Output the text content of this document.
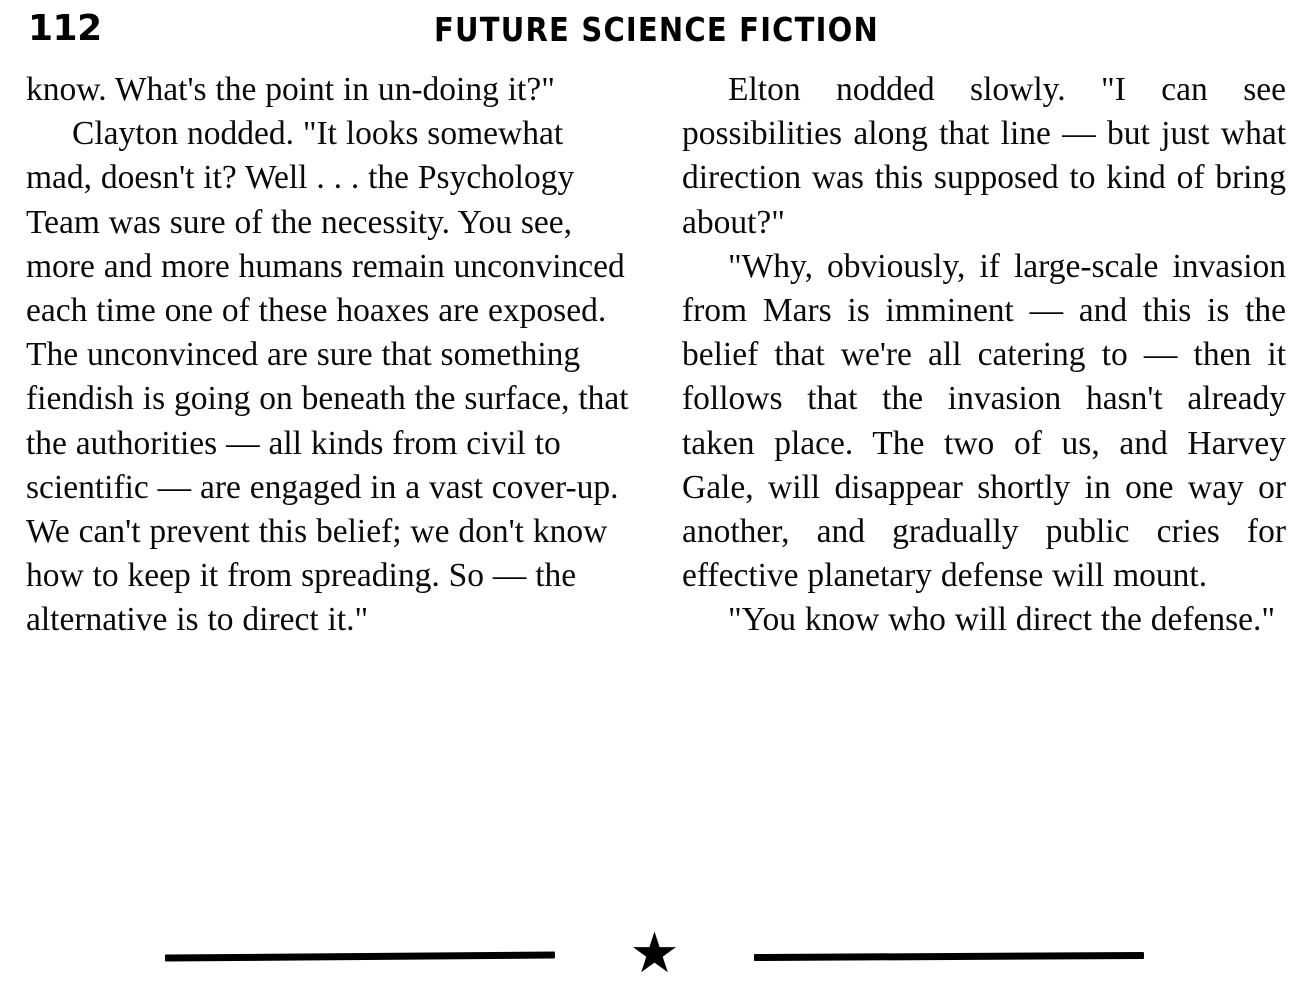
112	FUTURE SCIENCE FICTION

know. What's the point in un-doing it?"

Clayton nodded. "It looks somewhat mad, doesn't it? Well . . . the Psychology Team was sure of the necessity. You see, more and more humans remain unconvinced each time one of these hoaxes are exposed. The unconvinced are sure that something fiendish is going on beneath the surface, that the authorities — all kinds from civil to scientific — are engaged in a vast cover-up. We can't prevent this belief; we don't know how to keep it from spreading. So — the alternative is to direct it."

Elton nodded slowly. "I can see possibilities along that line — but just what direction was this supposed to kind of bring about?"

"Why, obviously, if large-scale invasion from Mars is imminent — and this is the belief that we're all catering to — then it follows that the invasion hasn't already taken place. The two of us, and Harvey Gale, will disappear shortly in one way or another, and gradually public cries for effective planetary defense will mount.

"You know who will direct the defense."

★
